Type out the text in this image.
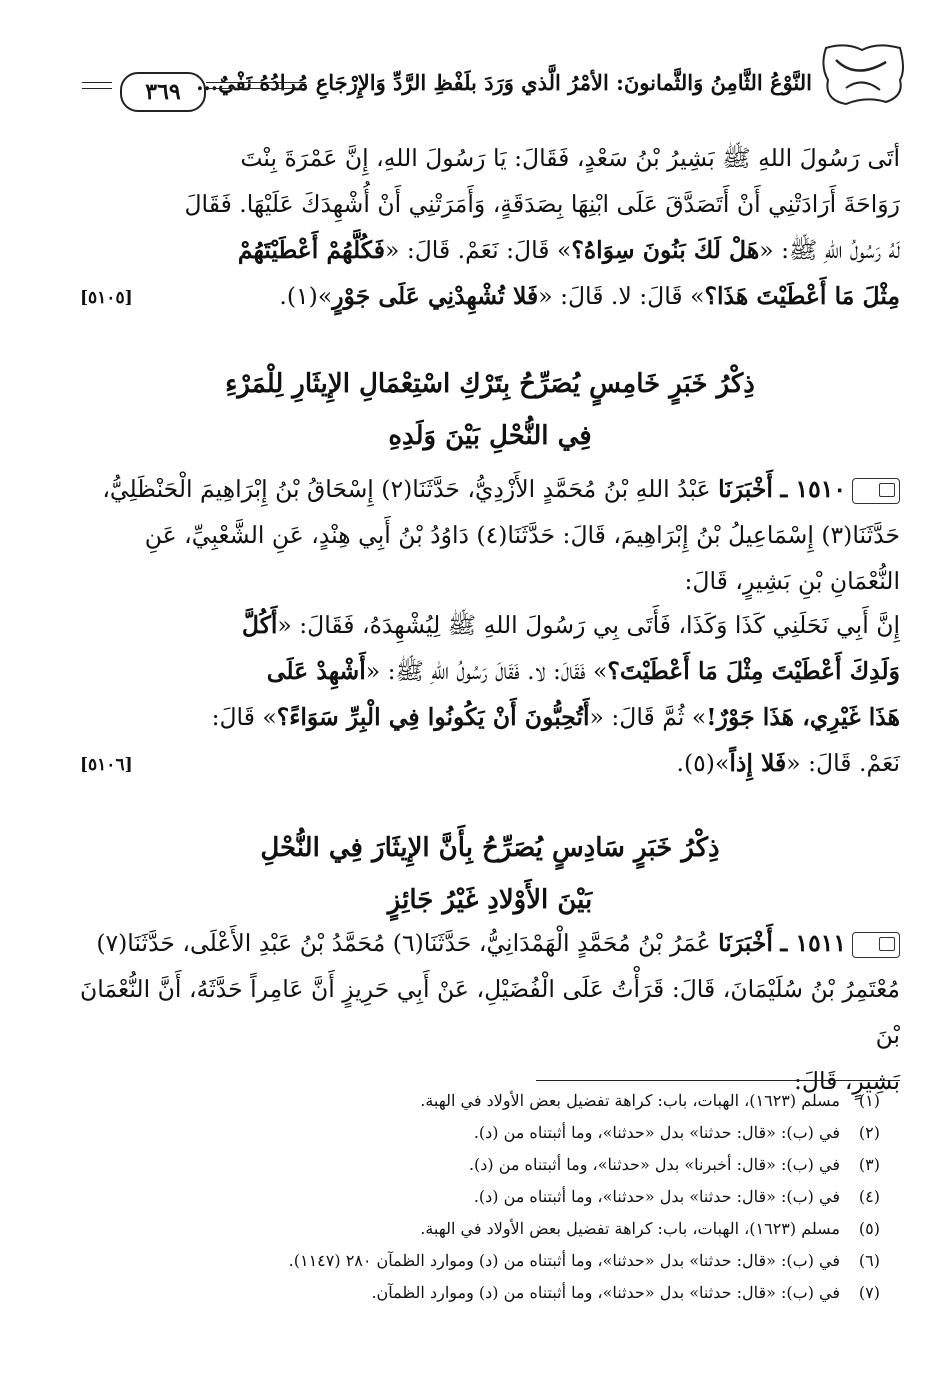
النَّوْعُ الثَّامِنُ وَالثَّمانونَ: الأمْرُ الَّذي وَرَدَ بلَفْظِ الرَّدِّ وَالإِرْجَاعِ مُرادُهُ نَفْيٌ...
٣٦٩

أتَى رَسُولَ اللهِ ﷺ بَشِيرُ بْنُ سَعْدٍ، فَقَالَ: يَا رَسُولَ اللهِ، إِنَّ عَمْرَةَ بِنْتَ

رَوَاحَةَ أَرَادَتْنِي أَنْ أَتَصَدَّقَ عَلَى ابْنِهَا بِصَدَقَةٍ، وَأَمَرَتْنِي أَنْ أُشْهِدَكَ عَلَيْهَا. فَقَالَ

لَهُ رَسُولُ اللهِ ﷺ: «هَلْ لَكَ بَنُونَ سِوَاهُ؟» قَالَ: نَعَمْ. قَالَ: «فَكُلَّهُمْ أَعْطَيْتَهُمْ

مِثْلَ مَا أَعْطَيْتَ هَذَا؟» قَالَ: لا. قَالَ: «فَلا تُشْهِدْنِي عَلَى جَوْرٍ»(١).

[٥١٠٥]
ذِكْرُ خَبَرٍ خَامِسٍ يُصَرِّحُ بِتَرْكِ اسْتِعْمَالِ الإِيثَارِ لِلْمَرْءِ
فِي النُّحْلِ بَيْنَ وَلَدِهِ

١٥١٠ ـ أَخْبَرَنَا عَبْدُ اللهِ بْنُ مُحَمَّدٍ الأَزْدِيُّ، حَدَّثَنَا(٢) إِسْحَاقُ بْنُ إِبْرَاهِيمَ الْحَنْظَلِيُّ،

حَدَّثَنَا(٣) إِسْمَاعِيلُ بْنُ إِبْرَاهِيمَ، قَالَ: حَدَّثَنَا(٤) دَاوُدُ بْنُ أَبِي هِنْدٍ، عَنِ الشَّعْبِيِّ، عَنِ

النُّعْمَانِ بْنِ بَشِيرٍ، قَالَ:

إِنَّ أَبِي نَحَلَنِي كَذَا وَكَذَا، فَأَتَى بِي رَسُولَ اللهِ ﷺ لِيُشْهِدَهُ، فَقَالَ: «أَكُلَّ

وَلَدِكَ أَعْطَيْتَ مِثْلَ مَا أَعْطَيْتَ؟» فَقَالَ: لا. فَقَالَ رَسُولُ اللهِ ﷺ: «أَشْهِدْ عَلَى

هَذَا غَيْرِي، هَذَا جَوْرٌ!» ثُمَّ قَالَ: «أَتُحِبُّونَ أَنْ يَكُونُوا فِي الْبِرِّ سَوَاءً؟» قَالَ:

نَعَمْ. قَالَ: «فَلا إِذاً»(٥).

[٥١٠٦]
ذِكْرُ خَبَرٍ سَادِسٍ يُصَرِّحُ بِأَنَّ الإِيثَارَ فِي النُّحْلِ
بَيْنَ الأَوْلادِ غَيْرُ جَائِزٍ

١٥١١ ـ أَخْبَرَنَا عُمَرُ بْنُ مُحَمَّدٍ الْهَمْدَانِيُّ، حَدَّثَنَا(٦) مُحَمَّدُ بْنُ عَبْدِ الأَعْلَى، حَدَّثَنَا(٧)

مُعْتَمِرُ بْنُ سُلَيْمَانَ، قَالَ: قَرَأْتُ عَلَى الْفُضَيْلِ، عَنْ أَبِي حَرِيزٍ أَنَّ عَامِراً حَدَّثَهُ، أَنَّ النُّعْمَانَ بْنَ

بَشِيرٍ، قَالَ:

(١)
مسلم (١٦٢٣)، الهبات، باب: كراهة تفضيل بعض الأولاد في الهبة.
(٢)
في (ب): «قال: حدثنا» بدل «حدثنا»، وما أثبتناه من (د).
(٣)
في (ب): «قال: أخبرنا» بدل «حدثنا»، وما أثبتناه من (د).
(٤)
في (ب): «قال: حدثنا» بدل «حدثنا»، وما أثبتناه من (د).
(٥)
مسلم (١٦٢٣)، الهبات، باب: كراهة تفضيل بعض الأولاد في الهبة.
(٦)
في (ب): «قال: حدثنا» بدل «حدثنا»، وما أثبتناه من (د) وموارد الظمآن ٢٨٠ (١١٤٧).
(٧)
في (ب): «قال: حدثنا» بدل «حدثنا»، وما أثبتناه من (د) وموارد الظمآن.
